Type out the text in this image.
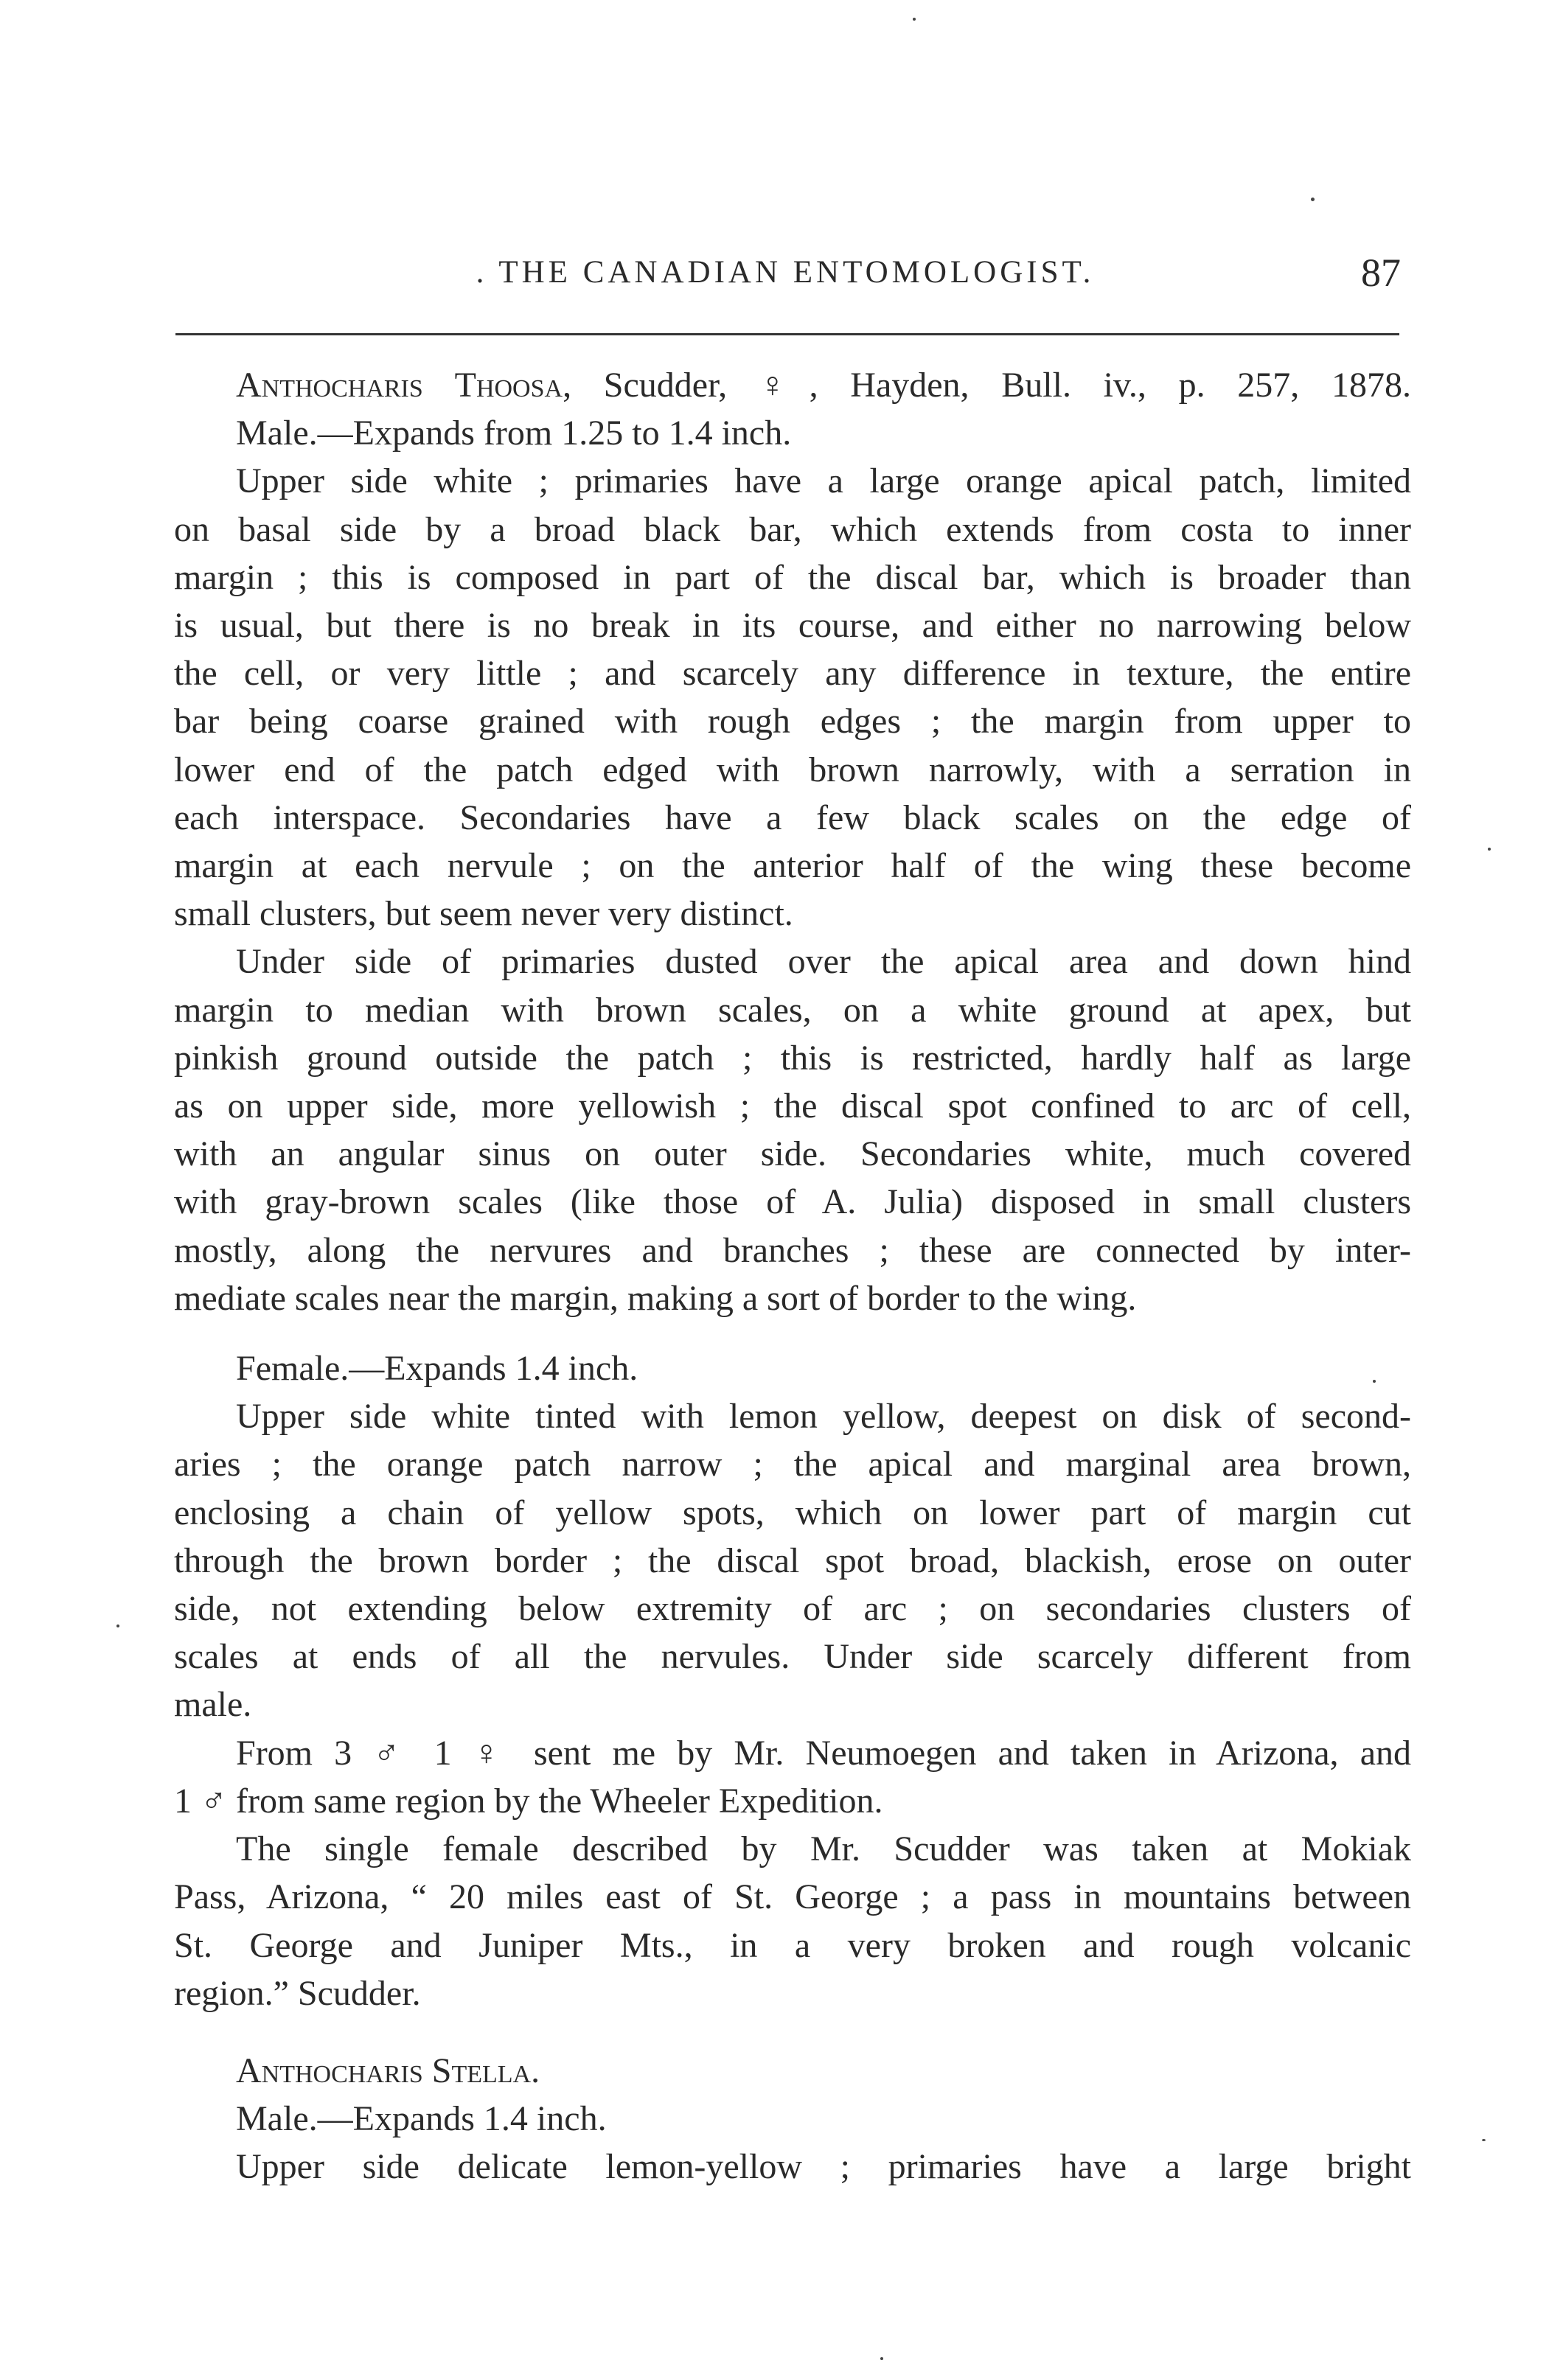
. THE CANADIAN ENTOMOLOGIST.	87
Anthocharis Thoosa, Scudder, ♀, Hayden, Bull. iv., p. 257, 1878.
Male.—Expands from 1.25 to 1.4 inch.
Upper side white ; primaries have a large orange apical patch, limited
on basal side by a broad black bar, which extends from costa to inner
margin ; this is composed in part of the discal bar, which is broader than
is usual, but there is no break in its course, and either no narrowing below
the cell, or very little ; and scarcely any difference in texture, the entire
bar being coarse grained with rough edges ; the margin from upper to
lower end of the patch edged with brown narrowly, with a serration in
each interspace. Secondaries have a few black scales on the edge of
margin at each nervule ; on the anterior half of the wing these become
small clusters, but seem never very distinct.
Under side of primaries dusted over the apical area and down hind
margin to median with brown scales, on a white ground at apex, but
pinkish ground outside the patch ; this is restricted, hardly half as large
as on upper side, more yellowish ; the discal spot confined to arc of cell,
with an angular sinus on outer side. Secondaries white, much covered
with gray-brown scales (like those of A. Julia) disposed in small clusters
mostly, along the nervures and branches ; these are connected by inter-
mediate scales near the margin, making a sort of border to the wing.
Female.—Expands 1.4 inch.
Upper side white tinted with lemon yellow, deepest on disk of second-
aries ; the orange patch narrow ; the apical and marginal area brown,
enclosing a chain of yellow spots, which on lower part of margin cut
through the brown border ; the discal spot broad, blackish, erose on outer
side, not extending below extremity of arc ; on secondaries clusters of
scales at ends of all the nervules. Under side scarcely different from
male.
From 3 ♂ 1 ♀ sent me by Mr. Neumoegen and taken in Arizona, and
1 ♂ from same region by the Wheeler Expedition.
The single female described by Mr. Scudder was taken at Mokiak
Pass, Arizona, “ 20 miles east of St. George ; a pass in mountains between
St. George and Juniper Mts., in a very broken and rough volcanic
region.” Scudder.
Anthocharis Stella.
Male.—Expands 1.4 inch.
Upper side delicate lemon-yellow ; primaries have a large bright
